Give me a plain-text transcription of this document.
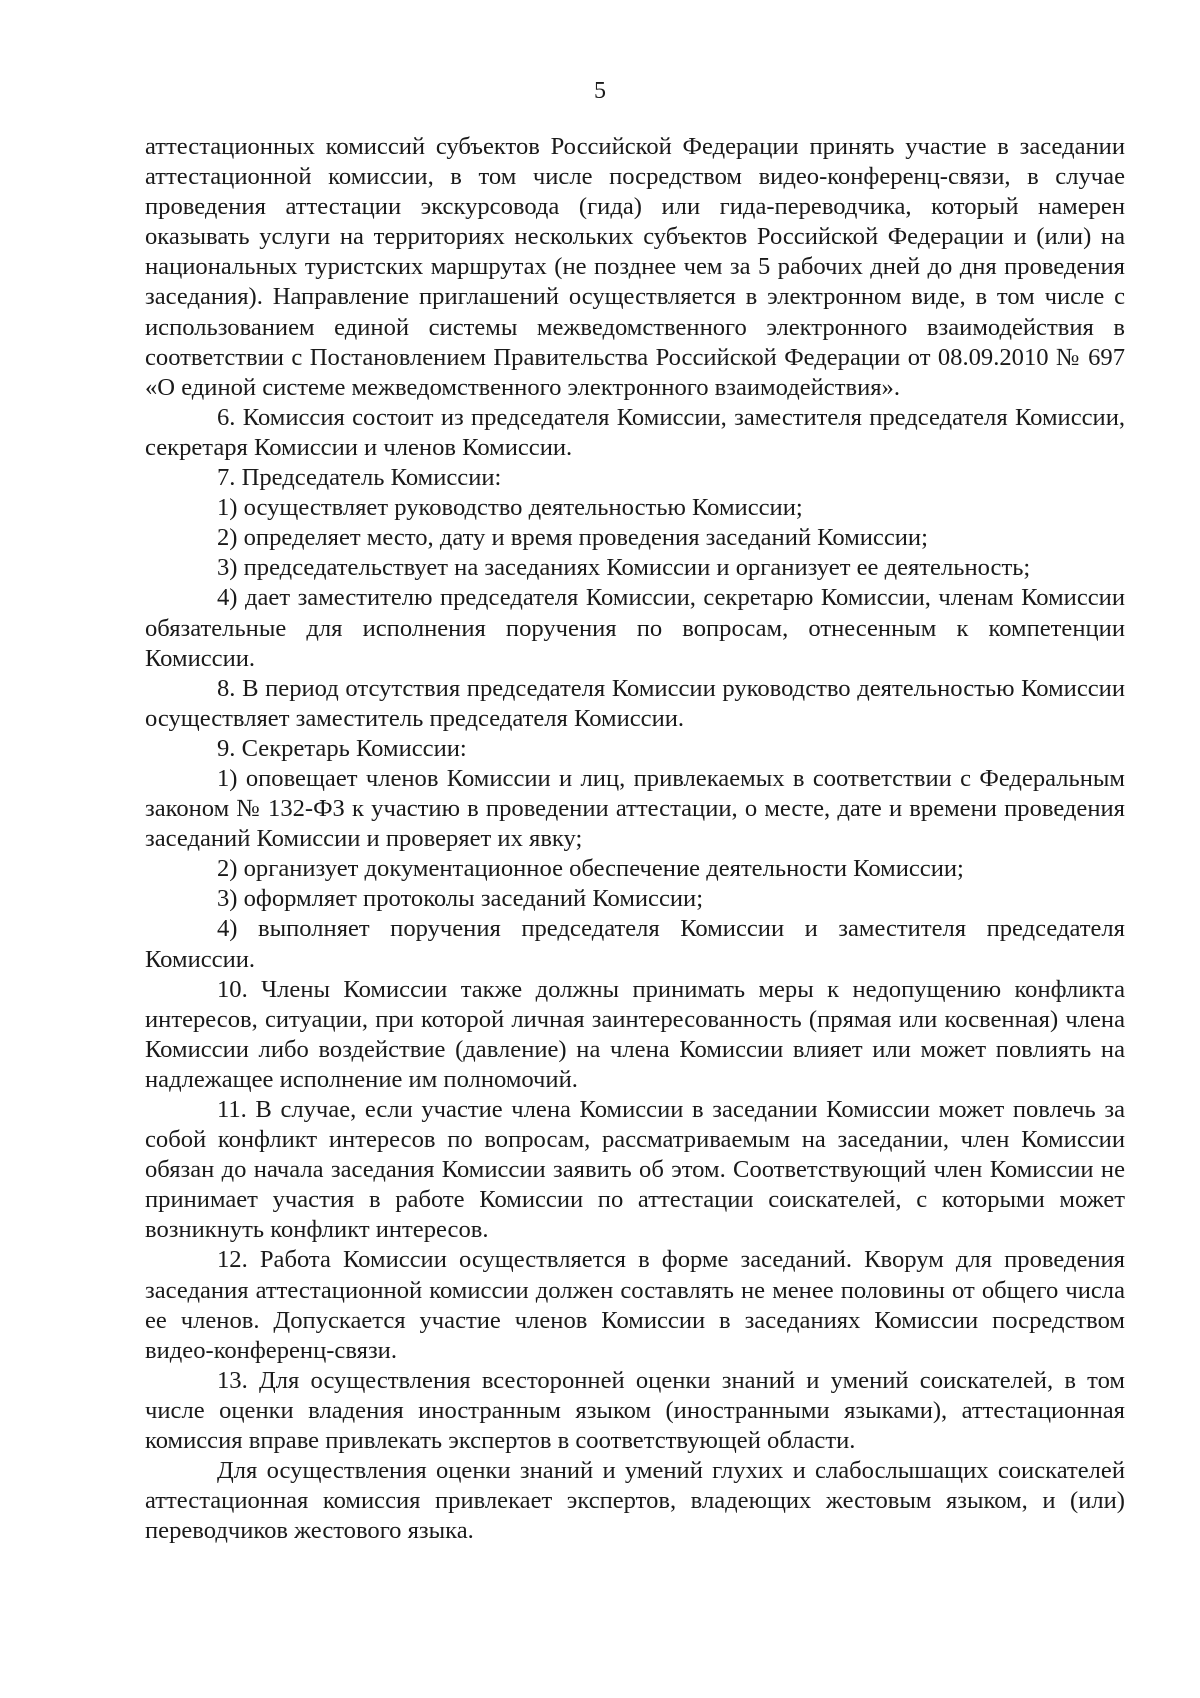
5

аттестационных комиссий субъектов Российской Федерации принять участие в заседании аттестационной комиссии, в том числе посредством видео-конференц-связи, в случае проведения аттестации экскурсовода (гида) или гида-переводчика, который намерен оказывать услуги на территориях нескольких субъектов Российской Федерации и (или) на национальных туристских маршрутах (не позднее чем за 5 рабочих дней до дня проведения заседания). Направление приглашений осуществляется в электронном виде, в том числе с использованием единой системы межведомственного электронного взаимодействия в соответствии с Постановлением Правительства Российской Федерации от 08.09.2010 № 697 «О единой системе межведомственного электронного взаимодействия».

6. Комиссия состоит из председателя Комиссии, заместителя председателя Комиссии, секретаря Комиссии и членов Комиссии.

7. Председатель Комиссии:

1) осуществляет руководство деятельностью Комиссии;

2) определяет место, дату и время проведения заседаний Комиссии;

3) председательствует на заседаниях Комиссии и организует ее деятельность;

4) дает заместителю председателя Комиссии, секретарю Комиссии, членам Комиссии обязательные для исполнения поручения по вопросам, отнесенным к компетенции Комиссии.

8. В период отсутствия председателя Комиссии руководство деятельностью Комиссии осуществляет заместитель председателя Комиссии.

9. Секретарь Комиссии:

1) оповещает членов Комиссии и лиц, привлекаемых в соответствии с Федеральным законом № 132-ФЗ к участию в проведении аттестации, о месте, дате и времени проведения заседаний Комиссии и проверяет их явку;

2) организует документационное обеспечение деятельности Комиссии;

3) оформляет протоколы заседаний Комиссии;

4) выполняет поручения председателя Комиссии и заместителя председателя Комиссии.

10. Члены Комиссии также должны принимать меры к недопущению конфликта интересов, ситуации, при которой личная заинтересованность (прямая или косвенная) члена Комиссии либо воздействие (давление) на члена Комиссии влияет или может повлиять на надлежащее исполнение им полномочий.

11. В случае, если участие члена Комиссии в заседании Комиссии может повлечь за собой конфликт интересов по вопросам, рассматриваемым на заседании, член Комиссии обязан до начала заседания Комиссии заявить об этом. Соответствующий член Комиссии не принимает участия в работе Комиссии по аттестации соискателей, с которыми может возникнуть конфликт интересов.

12. Работа Комиссии осуществляется в форме заседаний. Кворум для проведения заседания аттестационной комиссии должен составлять не менее половины от общего числа ее членов. Допускается участие членов Комиссии в заседаниях Комиссии посредством видео-конференц-связи.

13. Для осуществления всесторонней оценки знаний и умений соискателей, в том числе оценки владения иностранным языком (иностранными языками), аттестационная комиссия вправе привлекать экспертов в соответствующей области.

Для осуществления оценки знаний и умений глухих и слабослышащих соискателей аттестационная комиссия привлекает экспертов, владеющих жестовым языком, и (или) переводчиков жестового языка.
